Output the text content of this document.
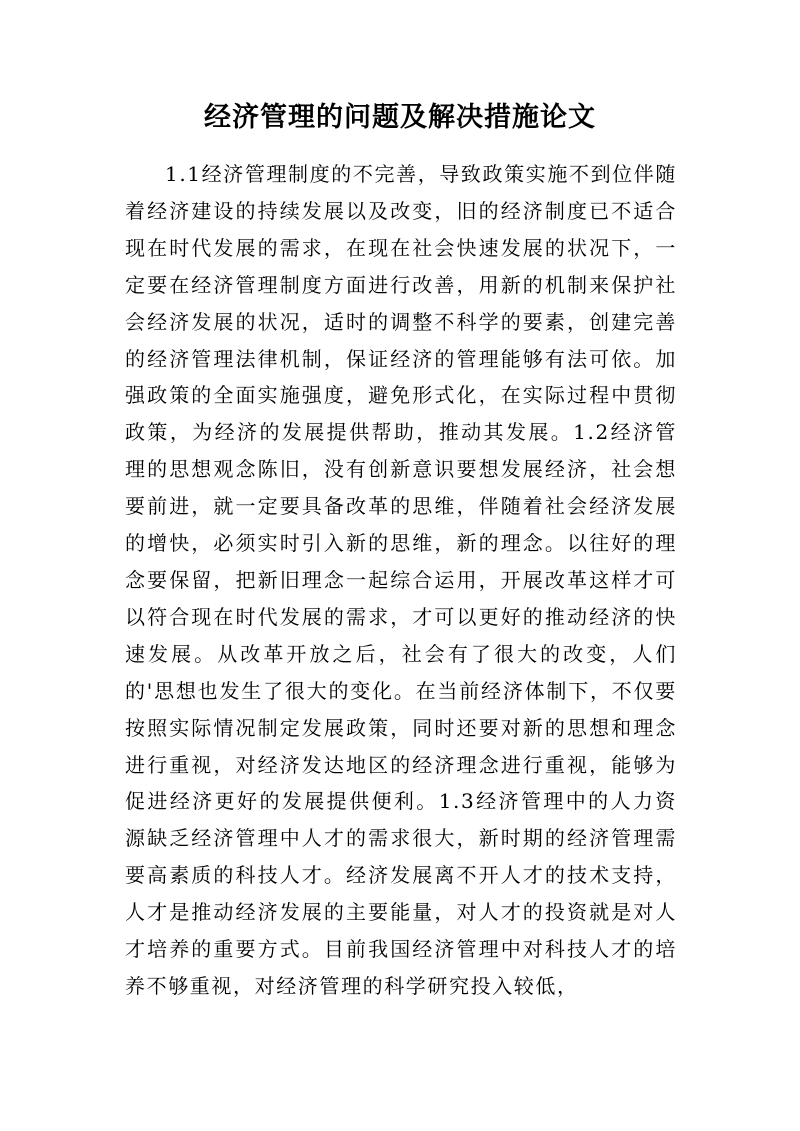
经济管理的问题及解决措施论文

1.1经济管理制度的不完善，导致政策实施不到位伴随着经济建设的持续发展以及改变，旧的经济制度已不适合现在时代发展的需求，在现在社会快速发展的状况下，一定要在经济管理制度方面进行改善，用新的机制来保护社会经济发展的状况，适时的调整不科学的要素，创建完善的经济管理法律机制，保证经济的管理能够有法可依。加强政策的全面实施强度，避免形式化，在实际过程中贯彻政策，为经济的发展提供帮助，推动其发展。1.2经济管理的思想观念陈旧，没有创新意识要想发展经济，社会想要前进，就一定要具备改革的思维，伴随着社会经济发展的增快，必须实时引入新的思维，新的理念。以往好的理念要保留，把新旧理念一起综合运用，开展改革这样才可以符合现在时代发展的需求，才可以更好的推动经济的快速发展。从改革开放之后，社会有了很大的改变，人们的'思想也发生了很大的变化。在当前经济体制下，不仅要按照实际情况制定发展政策，同时还要对新的思想和理念进行重视，对经济发达地区的经济理念进行重视，能够为促进经济更好的发展提供便利。1.3经济管理中的人力资源缺乏经济管理中人才的需求很大，新时期的经济管理需要高素质的科技人才。经济发展离不开人才的技术支持，人才是推动经济发展的主要能量，对人才的投资就是对人才培养的重要方式。目前我国经济管理中对科技人才的培养不够重视，对经济管理的科学研究投入较低，
